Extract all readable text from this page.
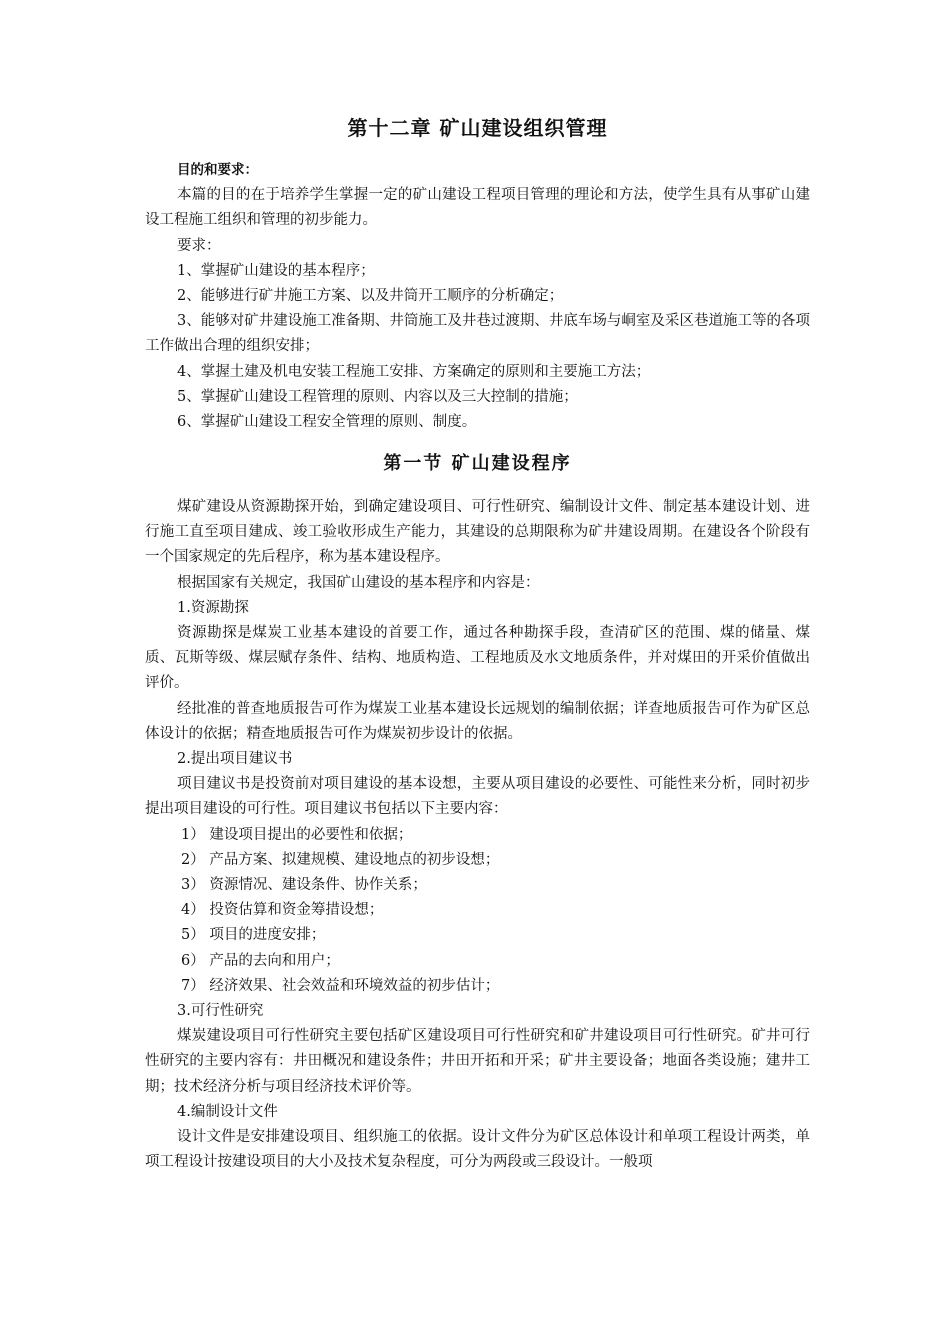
第十二章 矿山建设组织管理
目的和要求：

本篇的目的在于培养学生掌握一定的矿山建设工程项目管理的理论和方法，使学生具有从事矿山建设工程施工组织和管理的初步能力。

要求：
1、掌握矿山建设的基本程序；
2、能够进行矿井施工方案、以及井筒开工顺序的分析确定；

3、能够对矿井建设施工准备期、井筒施工及井巷过渡期、井底车场与峒室及采区巷道施工等的各项工作做出合理的组织安排；

4、掌握土建及机电安装工程施工安排、方案确定的原则和主要施工方法；
5、掌握矿山建设工程管理的原则、内容以及三大控制的措施；
6、掌握矿山建设工程安全管理的原则、制度。
第一节 矿山建设程序

煤矿建设从资源勘探开始，到确定建设项目、可行性研究、编制设计文件、制定基本建设计划、进行施工直至项目建成、竣工验收形成生产能力，其建设的总期限称为矿井建设周期。在建设各个阶段有一个国家规定的先后程序，称为基本建设程序。

根据国家有关规定，我国矿山建设的基本程序和内容是：
1.资源勘探

资源勘探是煤炭工业基本建设的首要工作，通过各种勘探手段，查清矿区的范围、煤的储量、煤质、瓦斯等级、煤层赋存条件、结构、地质构造、工程地质及水文地质条件，并对煤田的开采价值做出评价。

经批准的普查地质报告可作为煤炭工业基本建设长远规划的编制依据；详查地质报告可作为矿区总体设计的依据；精查地质报告可作为煤炭初步设计的依据。

2.提出项目建议书

项目建议书是投资前对项目建设的基本设想，主要从项目建设的必要性、可能性来分析，同时初步提出项目建设的可行性。项目建议书包括以下主要内容：

1） 建设项目提出的必要性和依据；
2） 产品方案、拟建规模、建设地点的初步设想；
3） 资源情况、建设条件、协作关系；
4） 投资估算和资金筹措设想；
5） 项目的进度安排；
6） 产品的去向和用户；
7） 经济效果、社会效益和环境效益的初步估计；
3.可行性研究

煤炭建设项目可行性研究主要包括矿区建设项目可行性研究和矿井建设项目可行性研究。矿井可行性研究的主要内容有：井田概况和建设条件；井田开拓和开采；矿井主要设备；地面各类设施；建井工期；技术经济分析与项目经济技术评价等。

4.编制设计文件

设计文件是安排建设项目、组织施工的依据。设计文件分为矿区总体设计和单项工程设计两类，单项工程设计按建设项目的大小及技术复杂程度，可分为两段或三段设计。一般项
